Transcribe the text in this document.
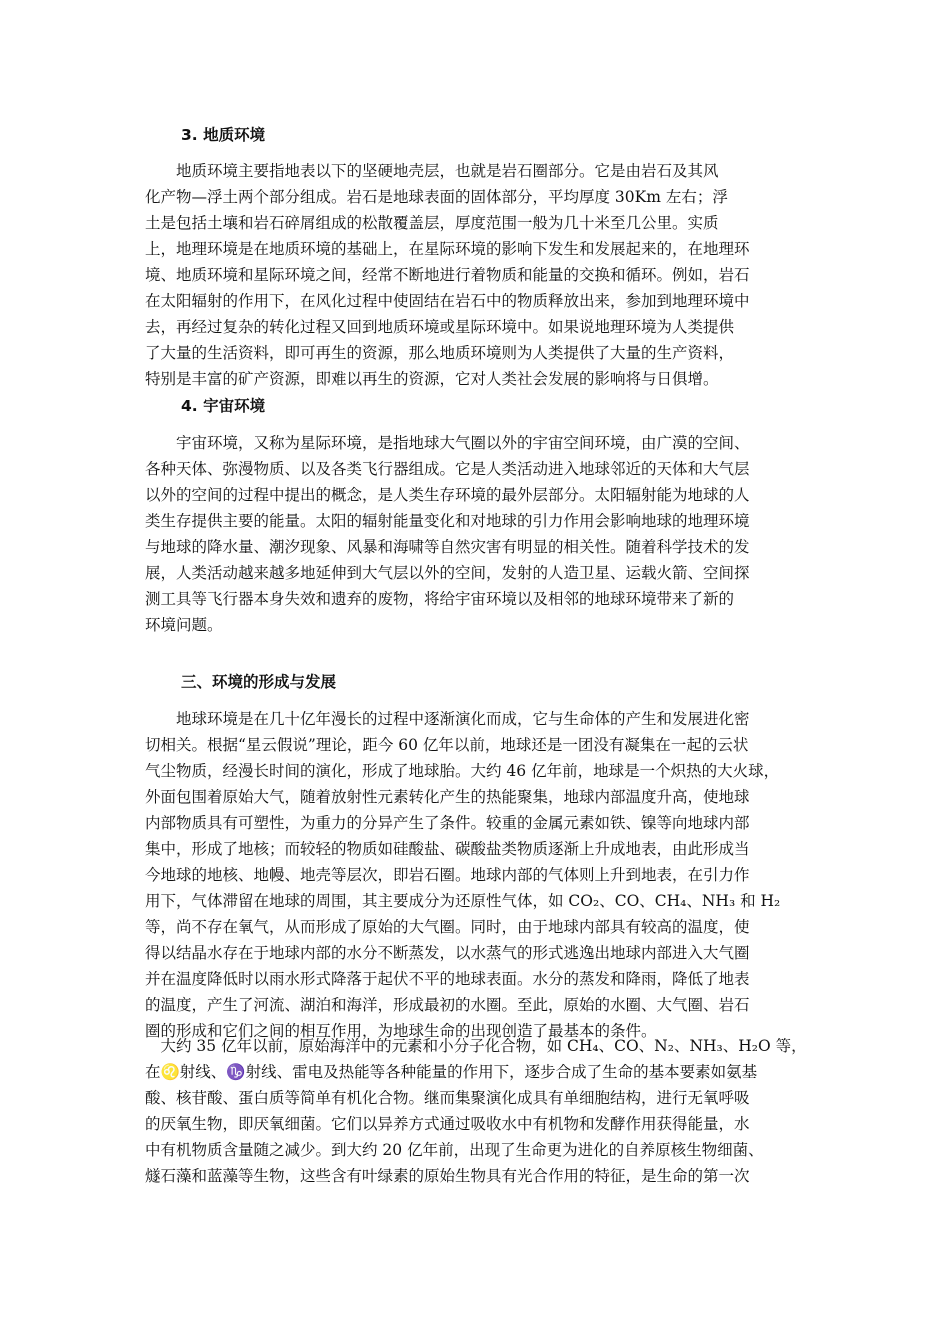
3. 地质环境
　　地质环境主要指地表以下的坚硬地壳层，也就是岩石圈部分。它是由岩石及其风
化产物—浮土两个部分组成。岩石是地球表面的固体部分，平均厚度 30Km 左右；浮
土是包括土壤和岩石碎屑组成的松散覆盖层，厚度范围一般为几十米至几公里。实质
上，地理环境是在地质环境的基础上，在星际环境的影响下发生和发展起来的，在地理环
境、地质环境和星际环境之间，经常不断地进行着物质和能量的交换和循环。例如，岩石
在太阳辐射的作用下，在风化过程中使固结在岩石中的物质释放出来，参加到地理环境中
去，再经过复杂的转化过程又回到地质环境或星际环境中。如果说地理环境为人类提供
了大量的生活资料，即可再生的资源，那么地质环境则为人类提供了大量的生产资料，
特别是丰富的矿产资源，即难以再生的资源，它对人类社会发展的影响将与日俱增。
4. 宇宙环境
　　宇宙环境，又称为星际环境，是指地球大气圈以外的宇宙空间环境，由广漠的空间、
各种天体、弥漫物质、以及各类飞行器组成。它是人类活动进入地球邻近的天体和大气层
以外的空间的过程中提出的概念，是人类生存环境的最外层部分。太阳辐射能为地球的人
类生存提供主要的能量。太阳的辐射能量变化和对地球的引力作用会影响地球的地理环境
与地球的降水量、潮汐现象、风暴和海啸等自然灾害有明显的相关性。随着科学技术的发
展，人类活动越来越多地延伸到大气层以外的空间，发射的人造卫星、运载火箭、空间探
测工具等飞行器本身失效和遗弃的废物，将给宇宙环境以及相邻的地球环境带来了新的
环境问题。
三、环境的形成与发展
　　地球环境是在几十亿年漫长的过程中逐渐演化而成，它与生命体的产生和发展进化密
切相关。根据“星云假说”理论，距今 60 亿年以前，地球还是一团没有凝集在一起的云状
气尘物质，经漫长时间的演化，形成了地球胎。大约 46 亿年前，地球是一个炽热的大火球，
外面包围着原始大气，随着放射性元素转化产生的热能聚集，地球内部温度升高，使地球
内部物质具有可塑性，为重力的分异产生了条件。较重的金属元素如铁、镍等向地球内部
集中，形成了地核；而较轻的物质如硅酸盐、碳酸盐类物质逐渐上升成地表，由此形成当
今地球的地核、地幔、地壳等层次，即岩石圈。地球内部的气体则上升到地表，在引力作
用下，气体滞留在地球的周围，其主要成分为还原性气体，如 CO₂、CO、CH₄、NH₃ 和 H₂
等，尚不存在氧气，从而形成了原始的大气圈。同时，由于地球内部具有较高的温度，使
得以结晶水存在于地球内部的水分不断蒸发，以水蒸气的形式逃逸出地球内部进入大气圈
并在温度降低时以雨水形式降落于起伏不平的地球表面。水分的蒸发和降雨，降低了地表
的温度，产生了河流、湖泊和海洋，形成最初的水圈。至此，原始的水圈、大气圈、岩石
圈的形成和它们之间的相互作用，为地球生命的出现创造了最基本的条件。
　大约 35 亿年以前，原始海洋中的元素和小分子化合物，如 CH₄、CO、N₂、NH₃、H₂O 等，
在♌射线、♑射线、雷电及热能等各种能量的作用下，逐步合成了生命的基本要素如氨基
酸、核苷酸、蛋白质等简单有机化合物。继而集聚演化成具有单细胞结构，进行无氧呼吸
的厌氧生物，即厌氧细菌。它们以异养方式通过吸收水中有机物和发酵作用获得能量，水
中有机物质含量随之减少。到大约 20 亿年前，出现了生命更为进化的自养原核生物细菌、
燧石藻和蓝藻等生物，这些含有叶绿素的原始生物具有光合作用的特征，是生命的第一次
